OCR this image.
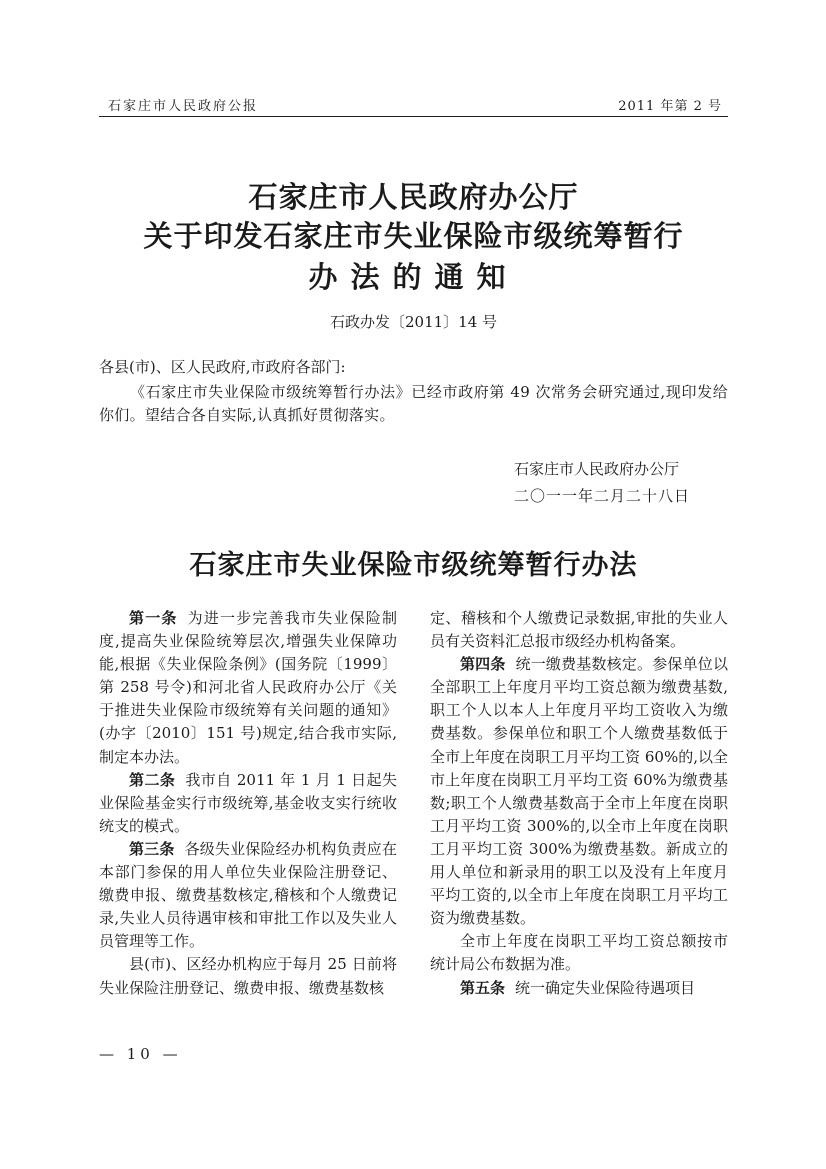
石家庄市人民政府公报	2011 年第 2 号
石家庄市人民政府办公厅
关于印发石家庄市失业保险市级统筹暂行
办法的通知
石政办发〔2011〕14 号
各县(市)、区人民政府,市政府各部门:
《石家庄市失业保险市级统筹暂行办法》已经市政府第 49 次常务会研究通过,现印发给你们。望结合各自实际,认真抓好贯彻落实。
石家庄市人民政府办公厅
二〇一一年二月二十八日
石家庄市失业保险市级统筹暂行办法

第一条 为进一步完善我市失业保险制度,提高失业保险统筹层次,增强失业保障功能,根据《失业保险条例》(国务院〔1999〕第 258 号令)和河北省人民政府办公厅《关于推进失业保险市级统筹有关问题的通知》(办字〔2010〕151 号)规定,结合我市实际,制定本办法。

第二条 我市自 2011 年 1 月 1 日起失业保险基金实行市级统筹,基金收支实行统收统支的模式。

第三条 各级失业保险经办机构负责应在本部门参保的用人单位失业保险注册登记、缴费申报、缴费基数核定,稽核和个人缴费记录,失业人员待遇审核和审批工作以及失业人员管理等工作。

县(市)、区经办机构应于每月 25 日前将失业保险注册登记、缴费申报、缴费基数核

定、稽核和个人缴费记录数据,审批的失业人员有关资料汇总报市级经办机构备案。

第四条 统一缴费基数核定。参保单位以全部职工上年度月平均工资总额为缴费基数,职工个人以本人上年度月平均工资收入为缴费基数。参保单位和职工个人缴费基数低于全市上年度在岗职工月平均工资 60%的,以全市上年度在岗职工月平均工资 60%为缴费基数;职工个人缴费基数高于全市上年度在岗职工月平均工资 300%的,以全市上年度在岗职工月平均工资 300%为缴费基数。新成立的用人单位和新录用的职工以及没有上年度月平均工资的,以全市上年度在岗职工月平均工资为缴费基数。

全市上年度在岗职工平均工资总额按市统计局公布数据为准。

第五条 统一确定失业保险待遇项目

— 10 —
